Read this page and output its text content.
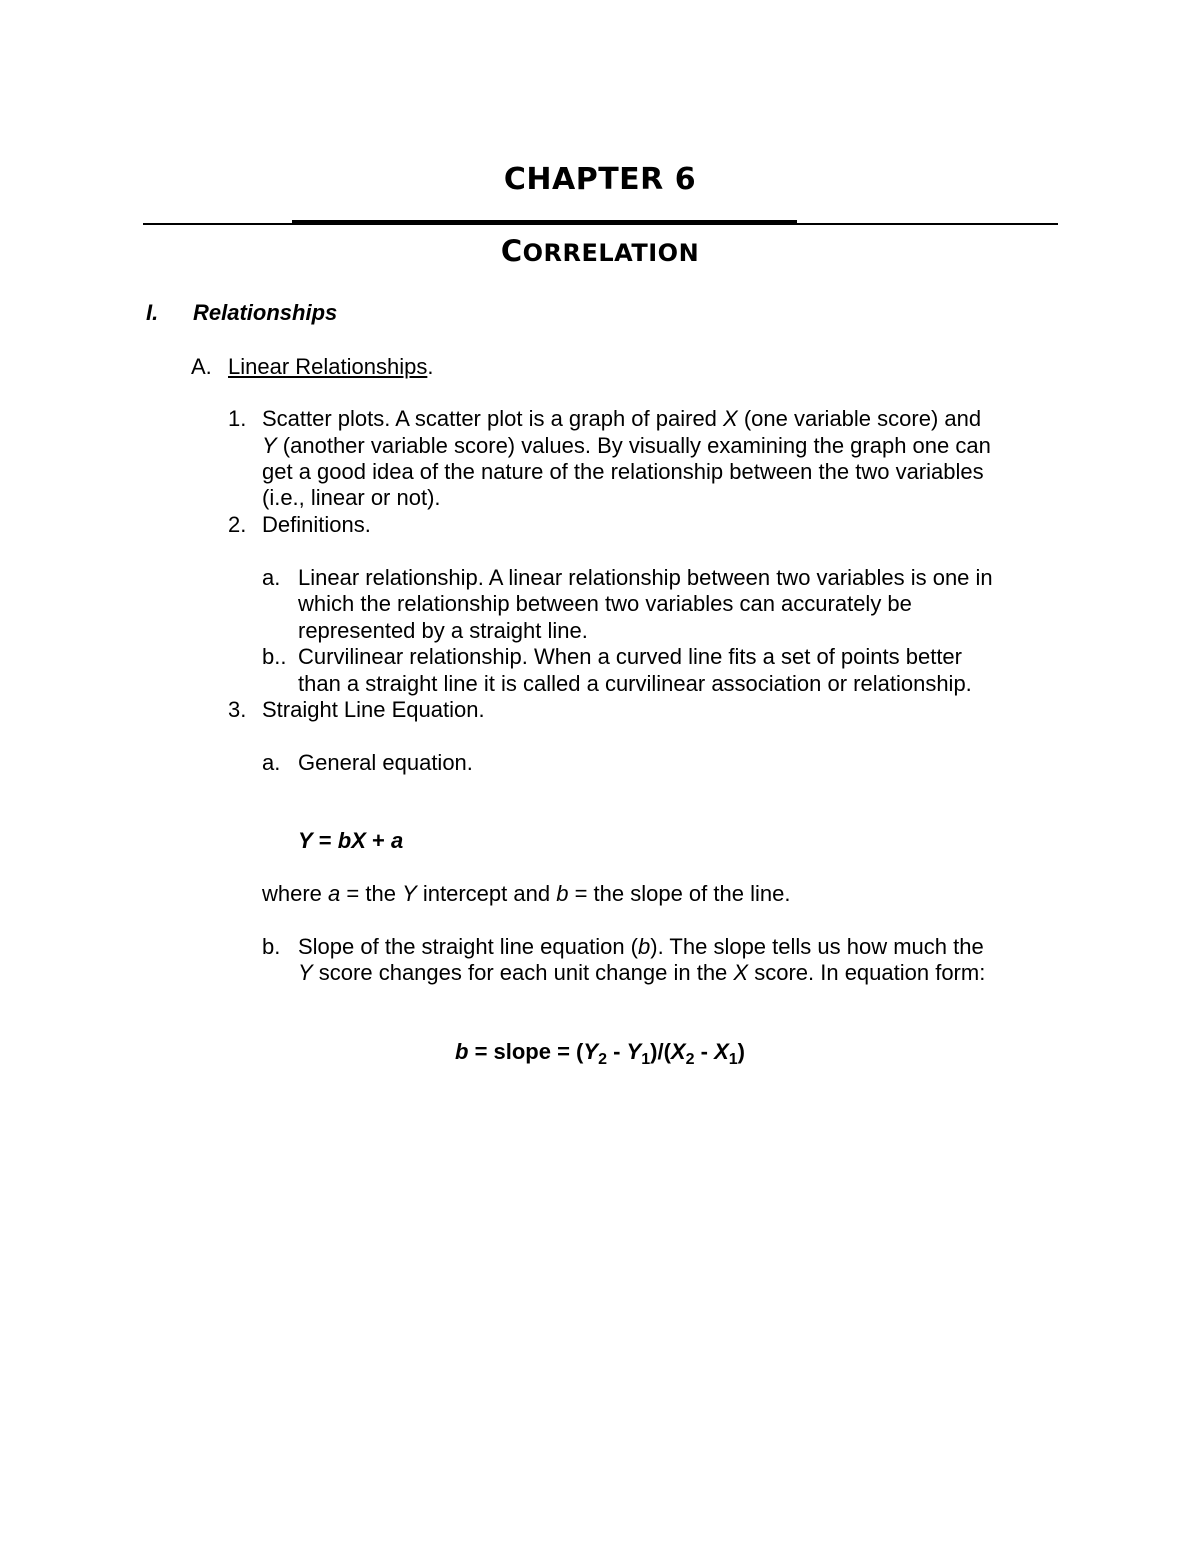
CHAPTER 6
CORRELATION
I. Relationships
A. Linear Relationships.
1. Scatter plots. A scatter plot is a graph of paired X (one variable score) and
Y (another variable score) values. By visually examining the graph one can
get a good idea of the nature of the relationship between the two variables
(i.e., linear or not).
2. Definitions.
a. Linear relationship. A linear relationship between two variables is one in
which the relationship between two variables can accurately be
represented by a straight line.
b.. Curvilinear relationship. When a curved line fits a set of points better
than a straight line it is called a curvilinear association or relationship.
3. Straight Line Equation.
a. General equation.
Y = bX + a
where a = the Y intercept and b = the slope of the line.
b. Slope of the straight line equation (b). The slope tells us how much the
Y score changes for each unit change in the X score. In equation form:
b = slope = $(Y_2 - Y_1)/(X_2 - X_1)$
